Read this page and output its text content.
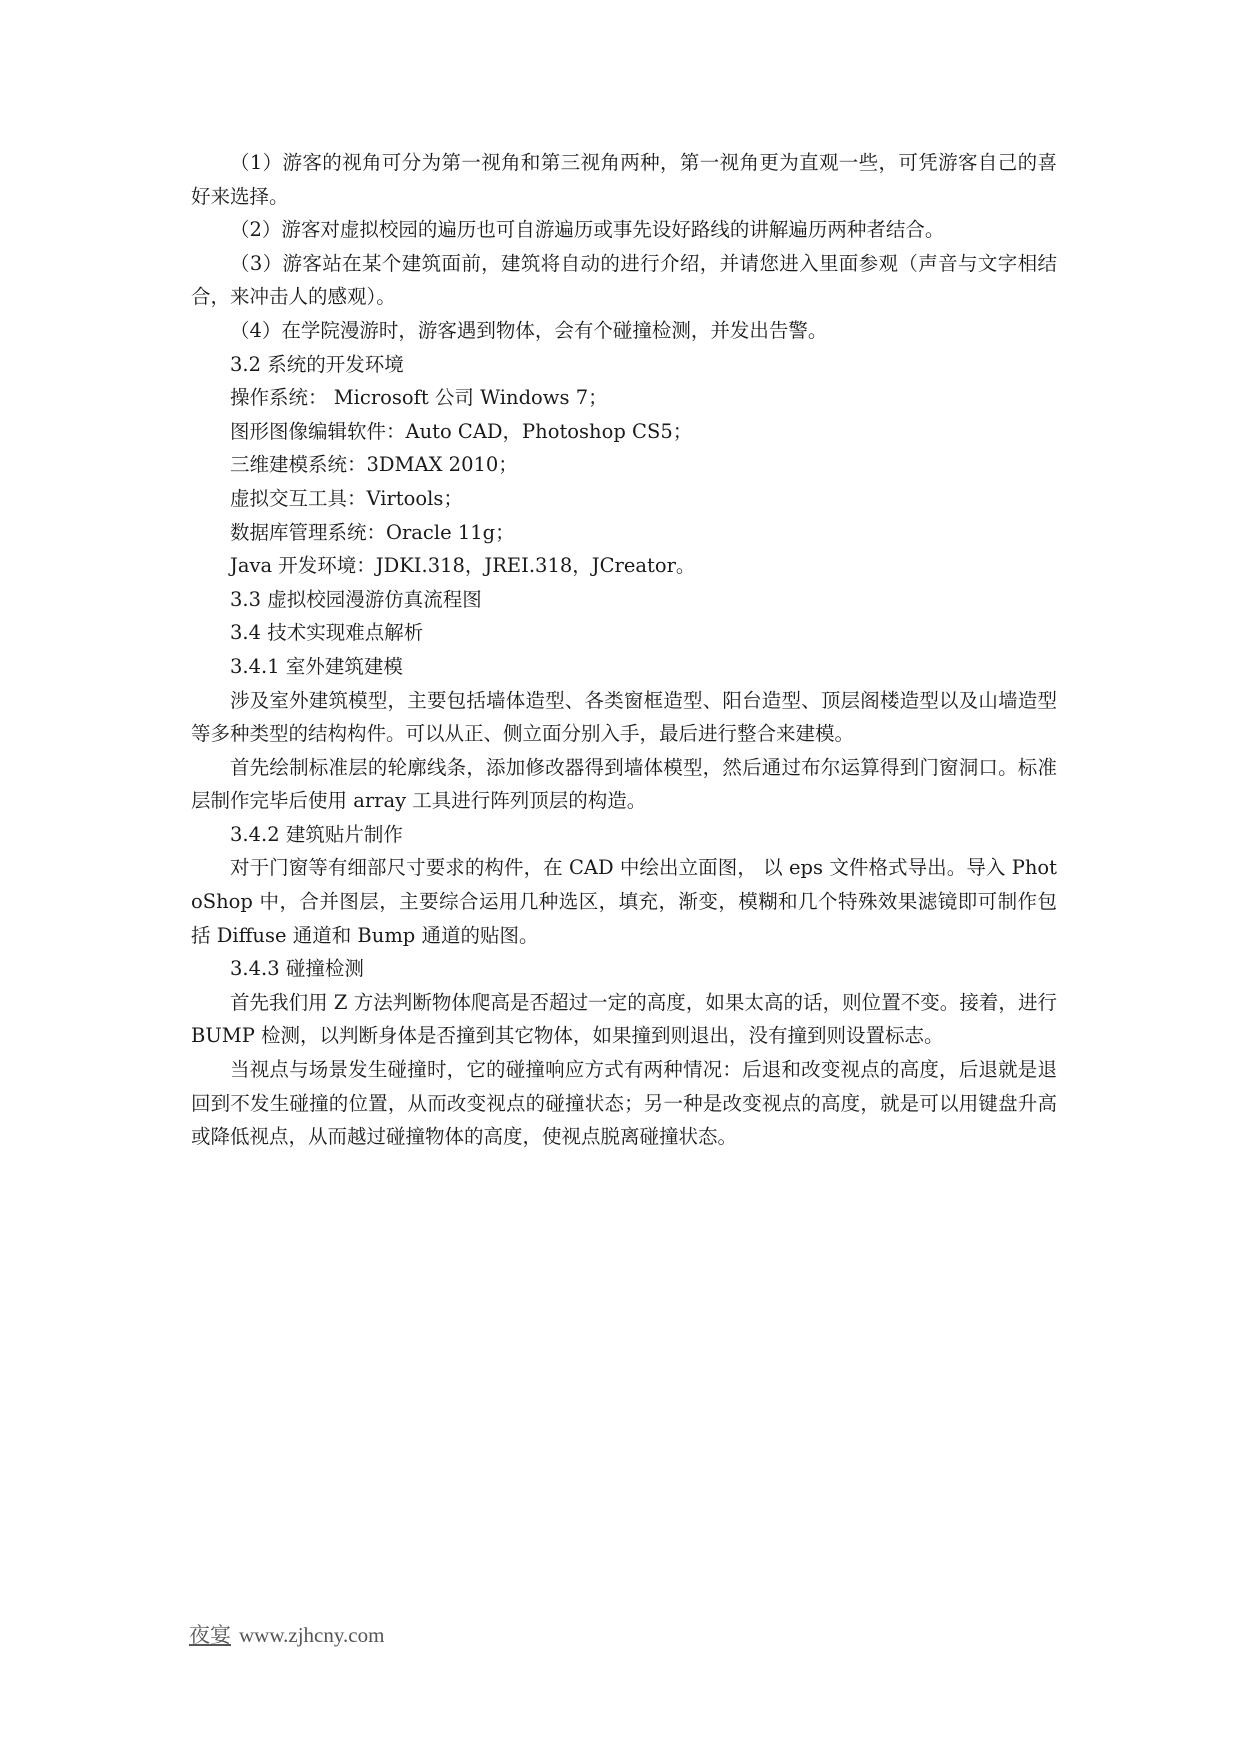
（1）游客的视角可分为第一视角和第三视角两种，第一视角更为直观一些，可凭游客自己的喜好来选择。

（2）游客对虚拟校园的遍历也可自游遍历或事先设好路线的讲解遍历两种者结合。

（3）游客站在某个建筑面前，建筑将自动的进行介绍，并请您进入里面参观（声音与文字相结合，来冲击人的感观）。

（4）在学院漫游时，游客遇到物体，会有个碰撞检测，并发出告警。

3.2 系统的开发环境

操作系统： Microsoft 公司 Windows 7；

图形图像编辑软件：Auto CAD，Photoshop CS5；

三维建模系统：3DMAX 2010；

虚拟交互工具：Virtools；

数据库管理系统：Oracle 11g；

Java 开发环境：JDKI.318，JREI.318，JCreator。

3.3 虚拟校园漫游仿真流程图

3.4 技术实现难点解析

3.4.1 室外建筑建模

涉及室外建筑模型，主要包括墙体造型、各类窗框造型、阳台造型、顶层阁楼造型以及山墙造型等多种类型的结构构件。可以从正、侧立面分别入手，最后进行整合来建模。

首先绘制标准层的轮廓线条，添加修改器得到墙体模型，然后通过布尔运算得到门窗洞口。标准层制作完毕后使用 array 工具进行阵列顶层的构造。

3.4.2 建筑贴片制作

对于门窗等有细部尺寸要求的构件，在 CAD 中绘出立面图， 以 eps 文件格式导出。导入 PhotoShop 中，合并图层，主要综合运用几种选区，填充，渐变，模糊和几个特殊效果滤镜即可制作包括 Diffuse 通道和 Bump 通道的贴图。

3.4.3 碰撞检测

首先我们用 Z 方法判断物体爬高是否超过一定的高度，如果太高的话，则位置不变。接着，进行 BUMP 检测，以判断身体是否撞到其它物体，如果撞到则退出，没有撞到则设置标志。

当视点与场景发生碰撞时，它的碰撞响应方式有两种情况：后退和改变视点的高度，后退就是退回到不发生碰撞的位置，从而改变视点的碰撞状态；另一种是改变视点的高度，就是可以用键盘升高或降低视点，从而越过碰撞物体的高度，使视点脱离碰撞状态。

夜宴 www.zjhcny.com
